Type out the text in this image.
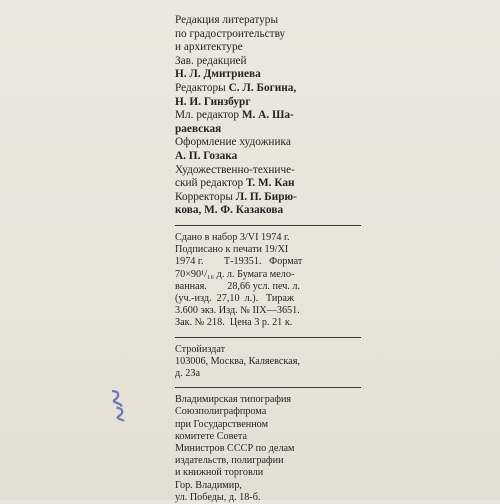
Редакция литературы
по градостроительству
и архитектуре
Зав. редакцией
Н. Л. Дмитриева
Редакторы С. Л. Богина,
Н. И. Гинзбург
Мл. редактор М. А. Ша-
раевская
Оформление художника
А. П. Гозака
Художественно-техниче-
ский редактор Т. М. Кан
Корректоры Л. П. Бирю-
кова, М. Ф. Казакова
Сдано в набор 3/VI 1974 г.
Подписано к печати 19/XI
1974 г.        Т-19351.   Формат
70×90¹/₁₆ д. л. Бумага мело-
ванная.        28,66 усл. печ. л.
(уч.-изд.  27,10  л.).   Тираж
3.600 экз. Изд. № IIХ—3651.
Зак. № 218.  Цена 3 р. 21 к.
Стройиздат
103006, Москва, Каляевская,
д. 23а
Владимирская типография
Союзполиграфпрома
при Государственном
комитете Совета
Министров СССР по делам
издательств, полиграфии
и книжной торговли
Гор. Владимир,
ул. Победы, д. 18-б.
